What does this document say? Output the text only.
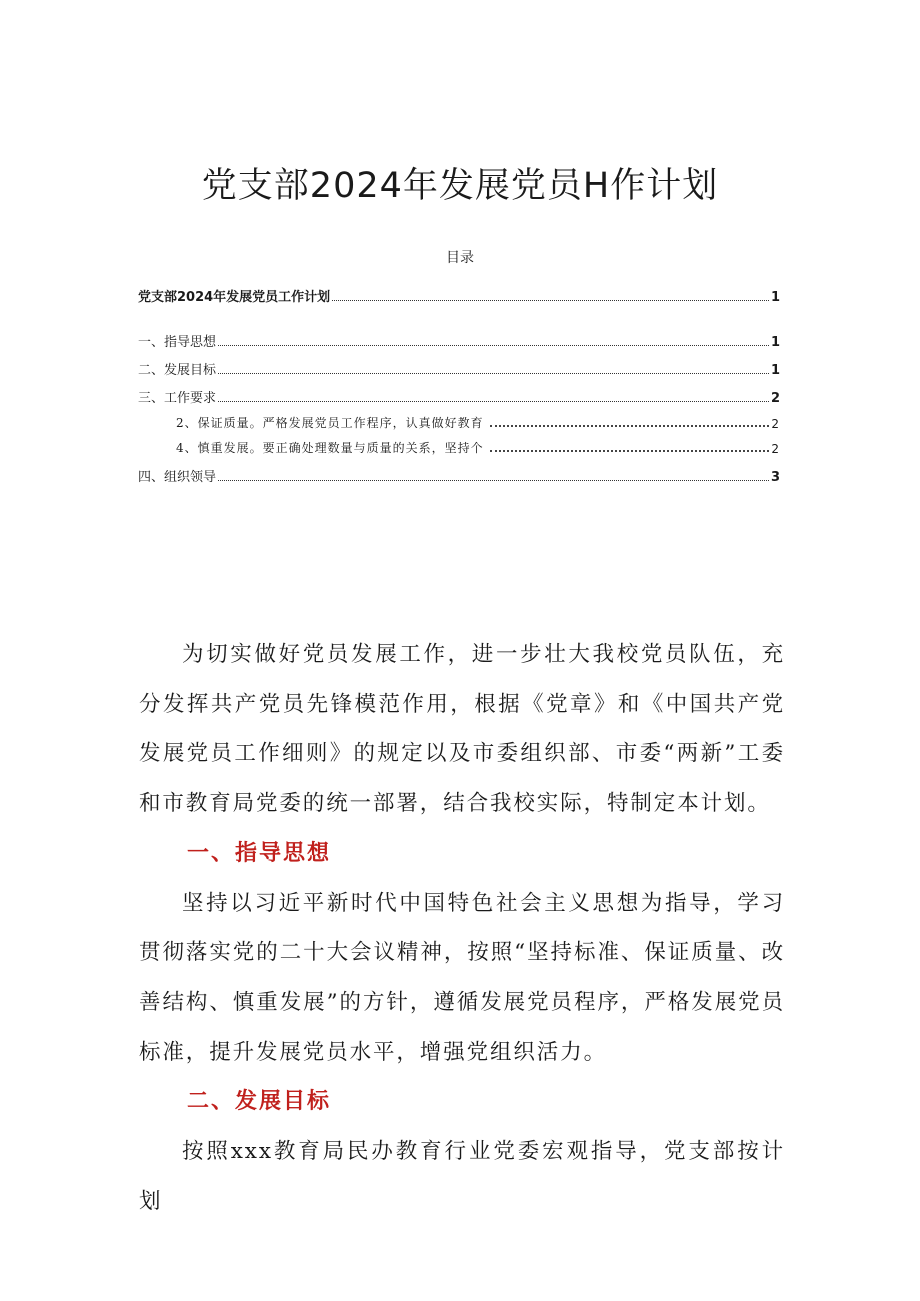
党支部2024年发展党员H作计划
目录
党支部2024年发展党员工作计划	1
一、指导思想	1
二、发展目标	1
三、工作要求	2
2、保证质量。严格发展党员工作程序，认真做好教育	2
4、慎重发展。要正确处理数量与质量的关系，坚持个	2
四、组织领导	3

为切实做好党员发展工作，进一步壮大我校党员队伍，充分发挥共产党员先锋模范作用，根据《党章》和《中国共产党发展党员工作细则》的规定以及市委组织部、市委“两新”工委和市教育局党委的统一部署，结合我校实际，特制定本计划。

一、指导思想

坚持以习近平新时代中国特色社会主义思想为指导，学习贯彻落实党的二十大会议精神，按照“坚持标准、保证质量、改善结构、慎重发展”的方针，遵循发展党员程序，严格发展党员标准，提升发展党员水平，增强党组织活力。

二、发展目标

按照xxx教育局民办教育行业党委宏观指导，党支部按计划
